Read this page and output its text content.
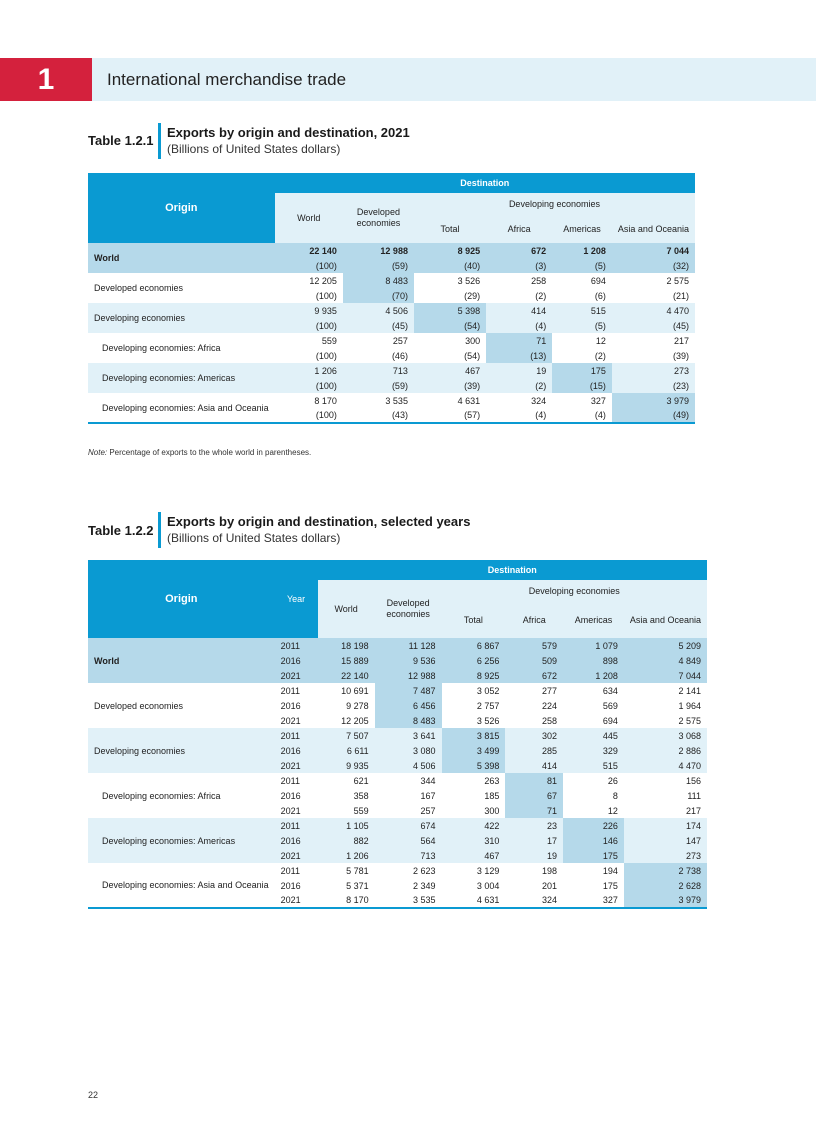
1	International merchandise trade
Table 1.2.1
Exports by origin and destination, 2021
(Billions of United States dollars)
Origin	Destination					
	World	Developed economies	Developing economies			
			Total	Africa	Americas	Asia and Oceania
World	22 140	12 988	8 925	672	1 208	7 044
	(100)	(59)	(40)	(3)	(5)	(32)
Developed economies	12 205	8 483	3 526	258	694	2 575
	(100)	(70)	(29)	(2)	(6)	(21)
Developing economies	9 935	4 506	5 398	414	515	4 470
	(100)	(45)	(54)	(4)	(5)	(45)
Developing economies: Africa	559	257	300	71	12	217
	(100)	(46)	(54)	(13)	(2)	(39)
Developing economies: Americas	1 206	713	467	19	175	273
	(100)	(59)	(39)	(2)	(15)	(23)
Developing economies: Asia and Oceania	8 170	3 535	4 631	324	327	3 979
	(100)	(43)	(57)	(4)	(4)	(49)
Note: Percentage of exports to the whole world in parentheses.
Table 1.2.2
Exports by origin and destination, selected years
(Billions of United States dollars)
Origin	Year	Destination					
		World	Developed economies	Developing economies			
				Total	Africa	Americas	Asia and Oceania
World	2011	18 198	11 128	6 867	579	1 079	5 209
	2016	15 889	9 536	6 256	509	898	4 849
	2021	22 140	12 988	8 925	672	1 208	7 044
Developed economies	2011	10 691	7 487	3 052	277	634	2 141
	2016	9 278	6 456	2 757	224	569	1 964
	2021	12 205	8 483	3 526	258	694	2 575
Developing economies	2011	7 507	3 641	3 815	302	445	3 068
	2016	6 611	3 080	3 499	285	329	2 886
	2021	9 935	4 506	5 398	414	515	4 470
Developing economies: Africa	2011	621	344	263	81	26	156
	2016	358	167	185	67	8	111
	2021	559	257	300	71	12	217
Developing economies: Americas	2011	1 105	674	422	23	226	174
	2016	882	564	310	17	146	147
	2021	1 206	713	467	19	175	273
Developing economies: Asia and Oceania	2011	5 781	2 623	3 129	198	194	2 738
	2016	5 371	2 349	3 004	201	175	2 628
	2021	8 170	3 535	4 631	324	327	3 979
22
